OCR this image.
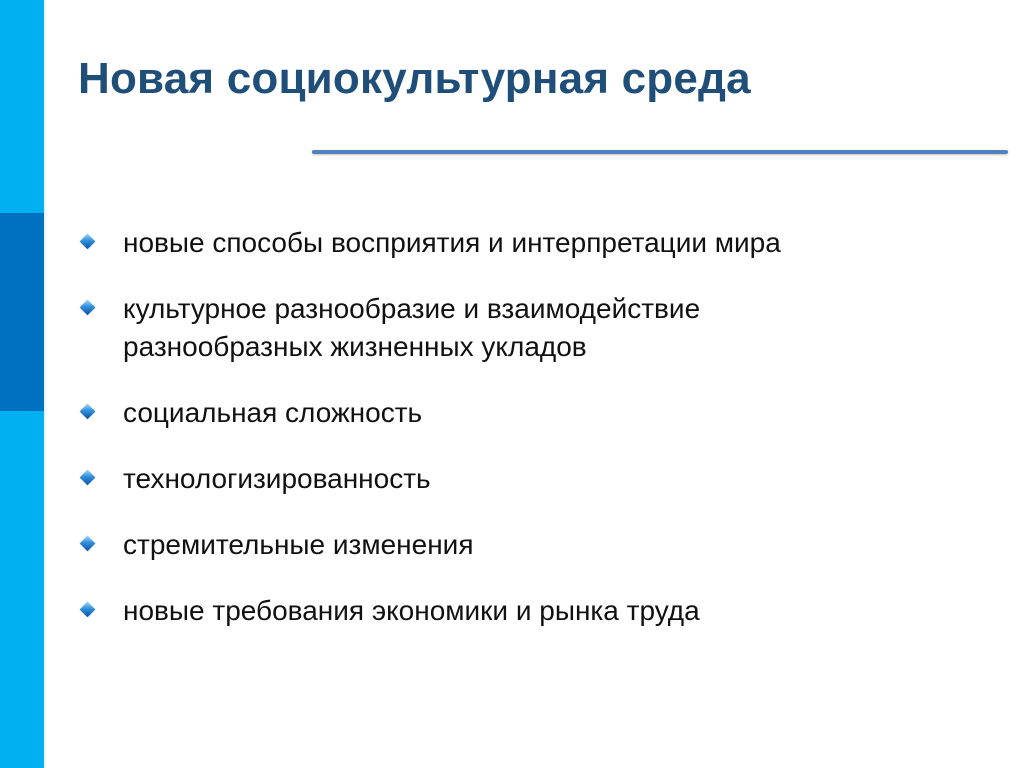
Новая социокультурная среда
новые способы восприятия и интерпретации мира
культурное разнообразие и взаимодействие разнообразных жизненных укладов
социальная сложность
технологизированность
стремительные изменения
новые требования экономики и рынка труда
